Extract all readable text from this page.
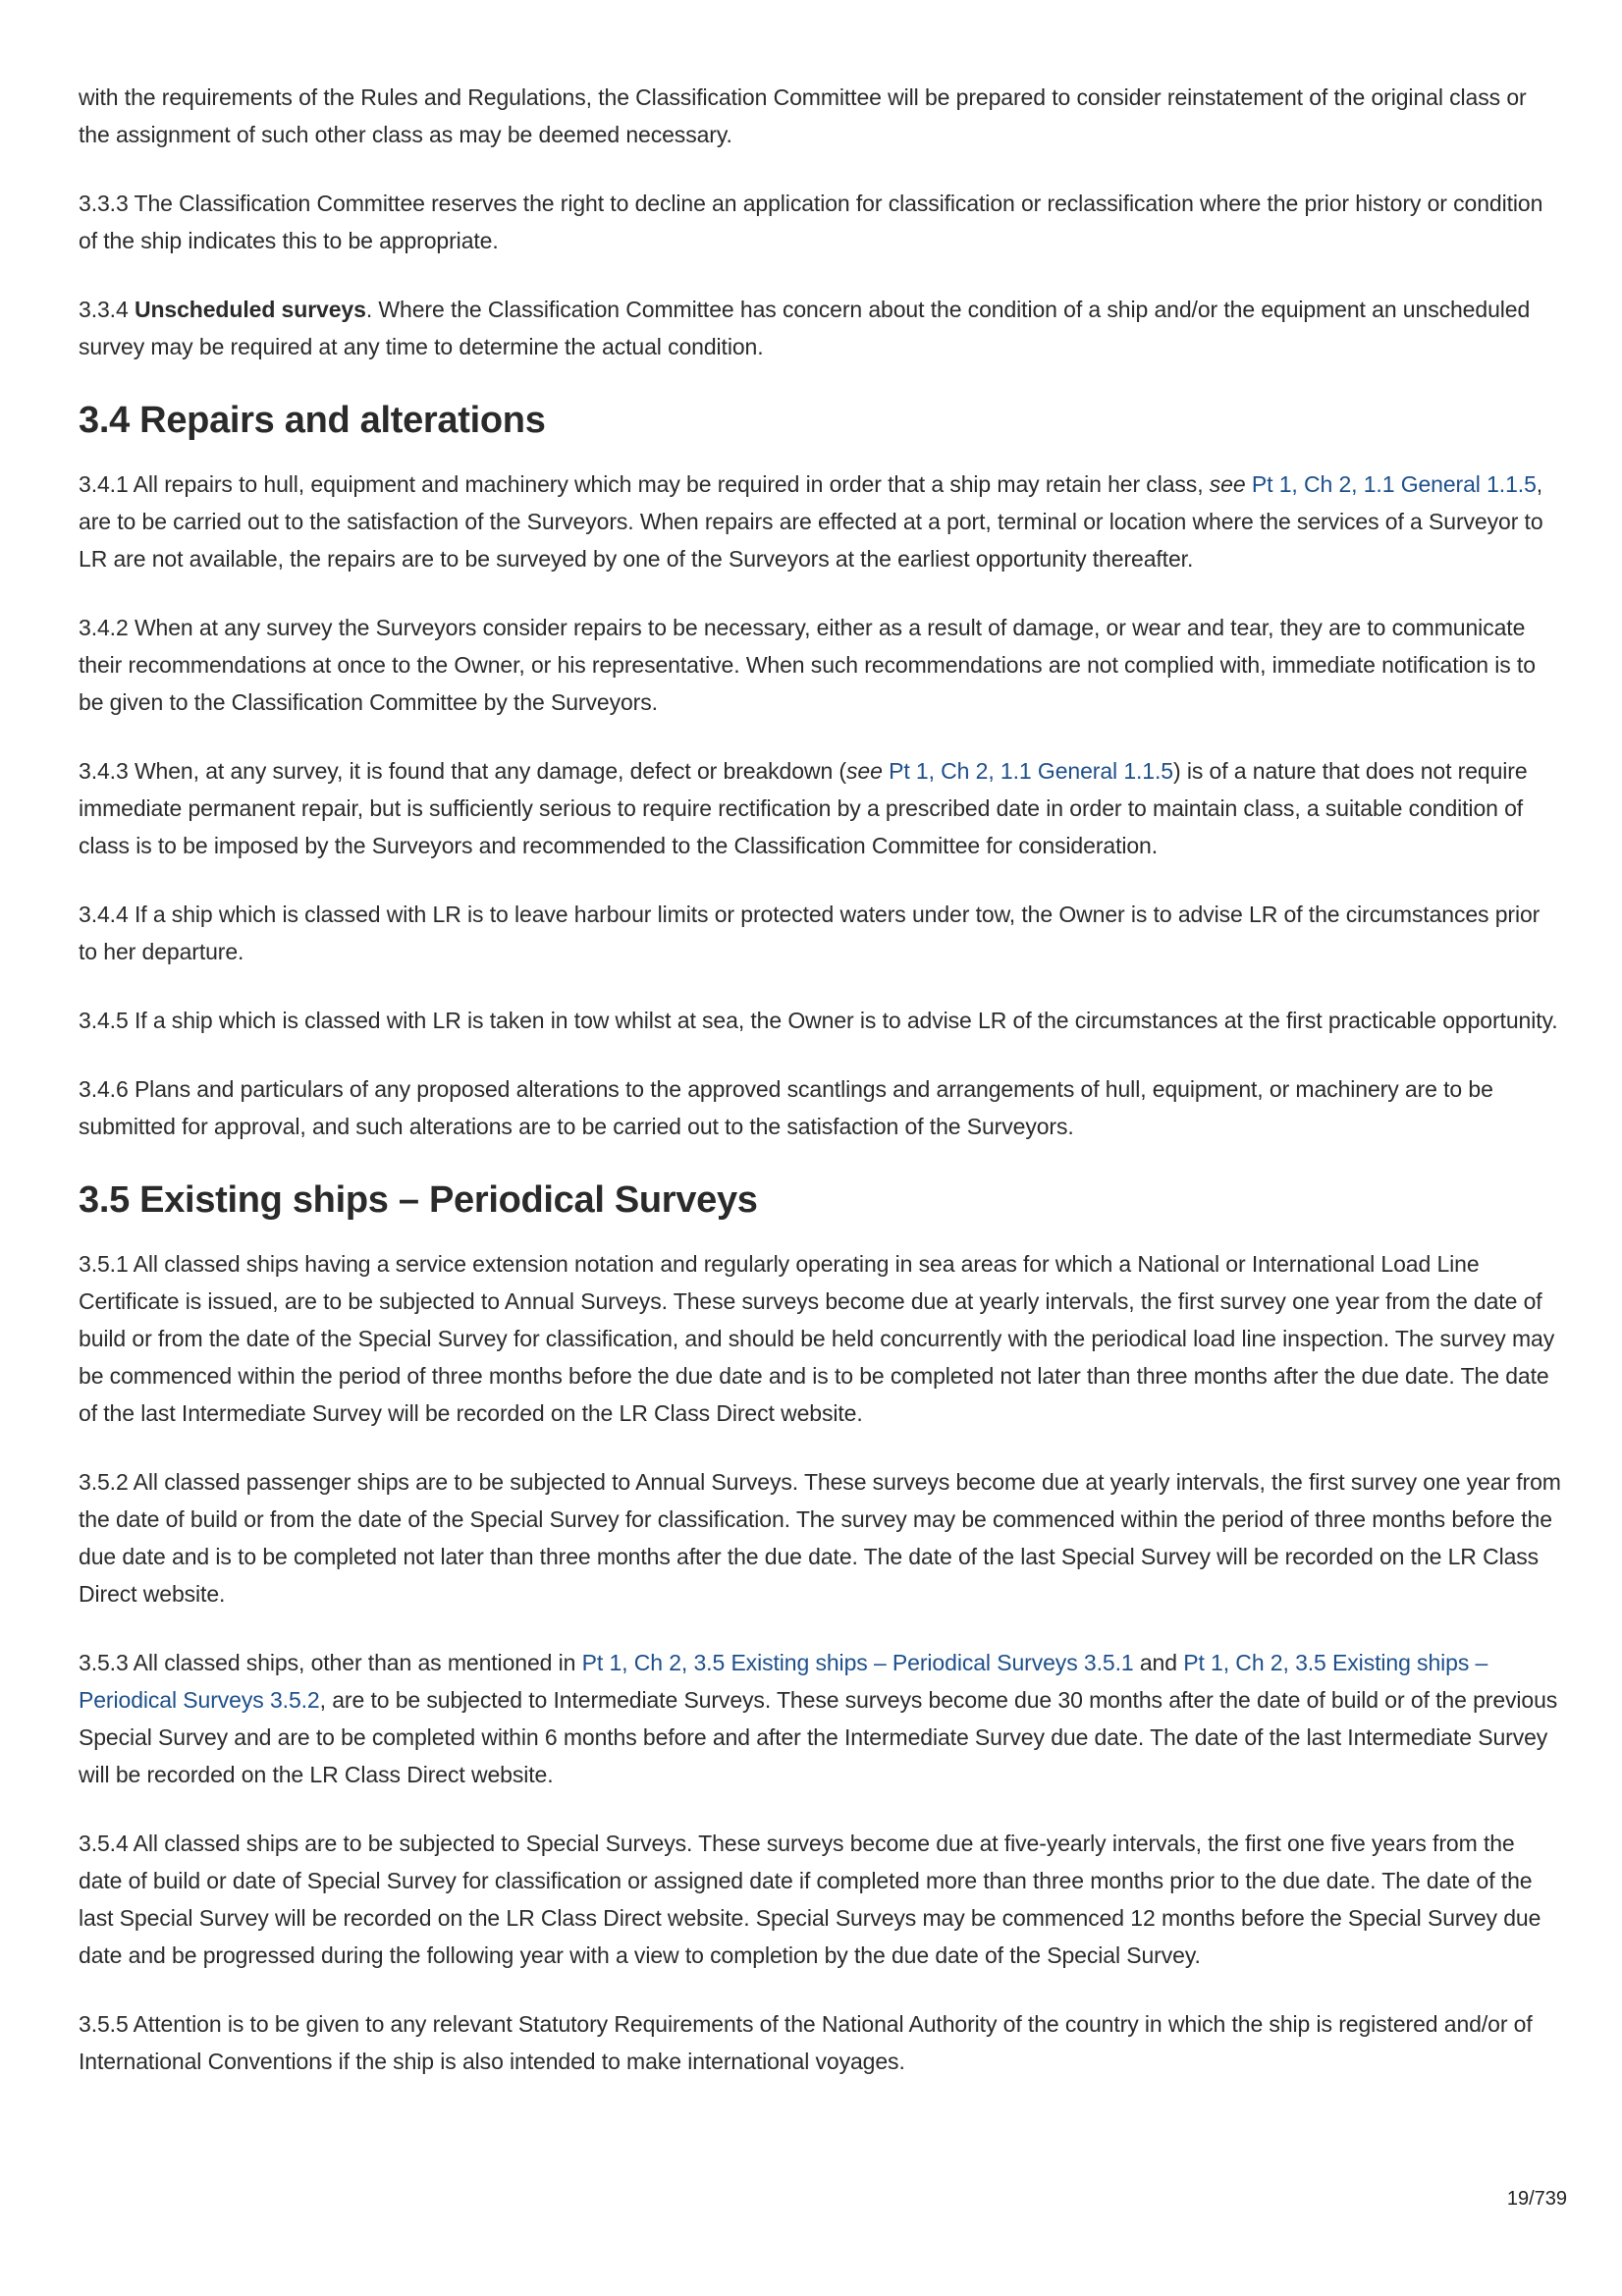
with the requirements of the Rules and Regulations, the Classification Committee will be prepared to consider reinstatement of the original class or the assignment of such other class as may be deemed necessary.

3.3.3 The Classification Committee reserves the right to decline an application for classification or reclassification where the prior history or condition of the ship indicates this to be appropriate.

3.3.4 Unscheduled surveys. Where the Classification Committee has concern about the condition of a ship and/or the equipment an unscheduled survey may be required at any time to determine the actual condition.

3.4 Repairs and alterations

3.4.1 All repairs to hull, equipment and machinery which may be required in order that a ship may retain her class, see Pt 1, Ch 2, 1.1 General 1.1.5, are to be carried out to the satisfaction of the Surveyors. When repairs are effected at a port, terminal or location where the services of a Surveyor to LR are not available, the repairs are to be surveyed by one of the Surveyors at the earliest opportunity thereafter.

3.4.2 When at any survey the Surveyors consider repairs to be necessary, either as a result of damage, or wear and tear, they are to communicate their recommendations at once to the Owner, or his representative. When such recommendations are not complied with, immediate notification is to be given to the Classification Committee by the Surveyors.

3.4.3 When, at any survey, it is found that any damage, defect or breakdown (see Pt 1, Ch 2, 1.1 General 1.1.5) is of a nature that does not require immediate permanent repair, but is sufficiently serious to require rectification by a prescribed date in order to maintain class, a suitable condition of class is to be imposed by the Surveyors and recommended to the Classification Committee for consideration.

3.4.4 If a ship which is classed with LR is to leave harbour limits or protected waters under tow, the Owner is to advise LR of the circumstances prior to her departure.

3.4.5 If a ship which is classed with LR is taken in tow whilst at sea, the Owner is to advise LR of the circumstances at the first practicable opportunity.

3.4.6 Plans and particulars of any proposed alterations to the approved scantlings and arrangements of hull, equipment, or machinery are to be submitted for approval, and such alterations are to be carried out to the satisfaction of the Surveyors.

3.5 Existing ships – Periodical Surveys

3.5.1 All classed ships having a service extension notation and regularly operating in sea areas for which a National or International Load Line Certificate is issued, are to be subjected to Annual Surveys. These surveys become due at yearly intervals, the first survey one year from the date of build or from the date of the Special Survey for classification, and should be held concurrently with the periodical load line inspection. The survey may be commenced within the period of three months before the due date and is to be completed not later than three months after the due date. The date of the last Intermediate Survey will be recorded on the LR Class Direct website.

3.5.2 All classed passenger ships are to be subjected to Annual Surveys. These surveys become due at yearly intervals, the first survey one year from the date of build or from the date of the Special Survey for classification. The survey may be commenced within the period of three months before the due date and is to be completed not later than three months after the due date. The date of the last Special Survey will be recorded on the LR Class Direct website.

3.5.3 All classed ships, other than as mentioned in Pt 1, Ch 2, 3.5 Existing ships – Periodical Surveys 3.5.1 and Pt 1, Ch 2, 3.5 Existing ships – Periodical Surveys 3.5.2, are to be subjected to Intermediate Surveys. These surveys become due 30 months after the date of build or of the previous Special Survey and are to be completed within 6 months before and after the Intermediate Survey due date. The date of the last Intermediate Survey will be recorded on the LR Class Direct website.

3.5.4 All classed ships are to be subjected to Special Surveys. These surveys become due at five-yearly intervals, the first one five years from the date of build or date of Special Survey for classification or assigned date if completed more than three months prior to the due date. The date of the last Special Survey will be recorded on the LR Class Direct website. Special Surveys may be commenced 12 months before the Special Survey due date and be progressed during the following year with a view to completion by the due date of the Special Survey.

3.5.5 Attention is to be given to any relevant Statutory Requirements of the National Authority of the country in which the ship is registered and/or of International Conventions if the ship is also intended to make international voyages.

19/739
